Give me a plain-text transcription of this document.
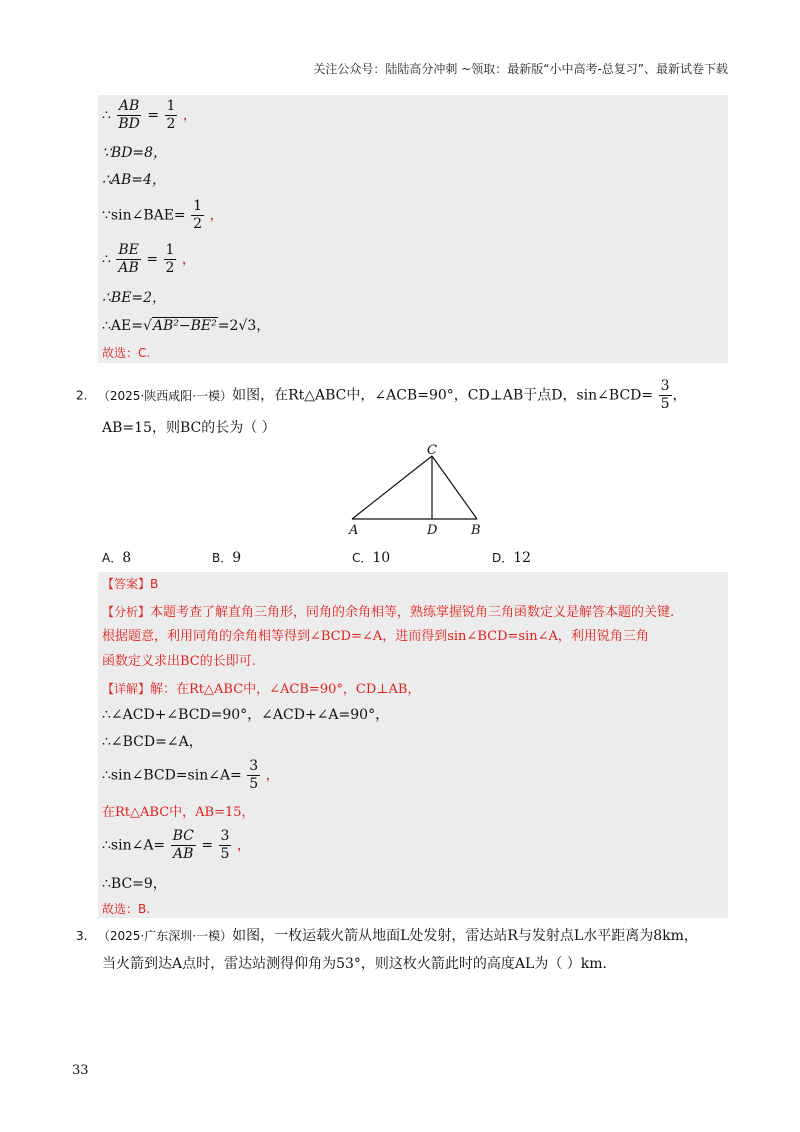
关注公众号：陆陆高分冲刺 ~领取：最新版“小中高考-总复习”、最新试卷下载
∴ $\frac{AB}{BD} = \frac{1}{2}$ ，
∵BD=8，
∴AB=4，
∵sin∠BAE= $\frac{1}{2}$ ，
∴ $\frac{BE}{AB} = \frac{1}{2}$ ，
∴BE=2，
∴AE=√AB²−BE²=2√3，
故选：C.
2. （2025·陕西咸阳·一模）如图，在Rt△ABC中，∠ACB=90°，CD⊥AB于点D，sin∠BCD= $\frac{3}{5}$ ，
AB=15，则BC的长为（ ）
C
A	D	B
A．8	B．9	C．10	D．12
【答案】B
【分析】本题考查了解直角三角形，同角的余角相等，熟练掌握锐角三角函数定义是解答本题的关键.
根据题意，利用同角的余角相等得到∠BCD=∠A，进而得到sin∠BCD=sin∠A，利用锐角三角
函数定义求出BC的长即可.
【详解】解：在Rt△ABC中，∠ACB=90°，CD⊥AB，
∴∠ACD+∠BCD=90°，∠ACD+∠A=90°，
∴∠BCD=∠A，
∴sin∠BCD=sin∠A= $\frac{3}{5}$ ，
在Rt△ABC中，AB=15，
∴sin∠A= $\frac{BC}{AB} = \frac{3}{5}$ ，
∴BC=9，
故选：B.
3. （2025·广东深圳·一模）如图，一枚运载火箭从地面L处发射，雷达站R与发射点L水平距离为8km，
当火箭到达A点时，雷达站测得仰角为53°，则这枚火箭此时的高度AL为（ ）km.
33
